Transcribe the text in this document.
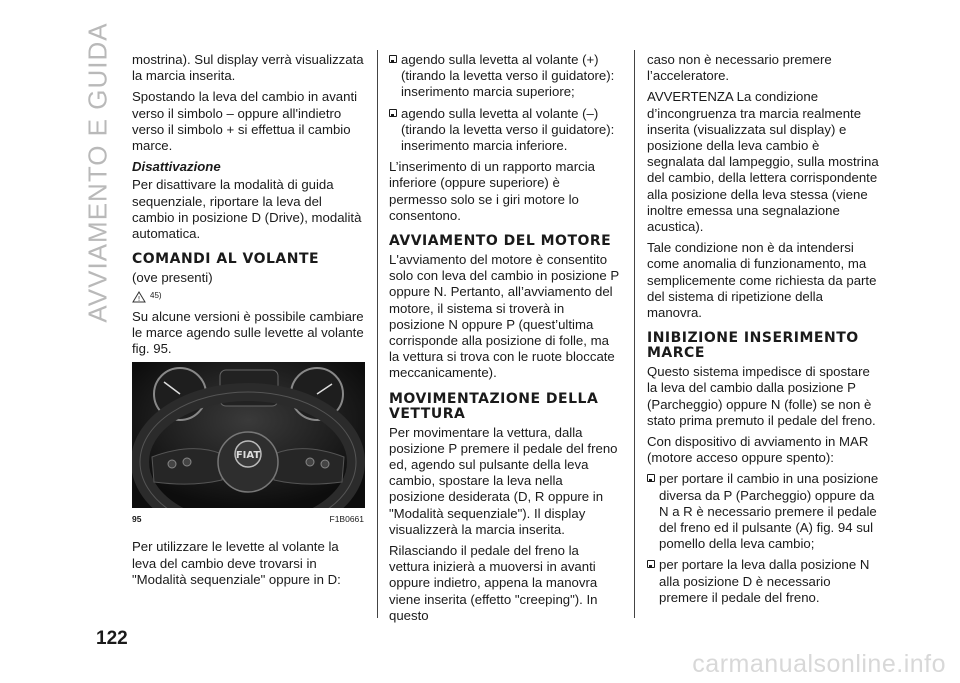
AVVIAMENTO E GUIDA mostrina). Sul display verrà visualizzata la marcia inserita.

Spostando la leva del cambio in avanti verso il simbolo – oppure all'indietro verso il simbolo + si effettua il cambio marce.

Disattivazione

Per disattivare la modalità di guida sequenziale, riportare la leva del cambio in posizione D (Drive), modalità automatica.

COMANDI AL VOLANTE

(ove presenti)

! 45)

Su alcune versioni è possibile cambiare le marce agendo sulle levette al volante fig. 95.

FIAT
95	F1B0661

Per utilizzare le levette al volante la leva del cambio deve trovarsi in "Modalità sequenziale" oppure in D:

agendo sulla levetta al volante (+) (tirando la levetta verso il guidatore): inserimento marcia superiore;

agendo sulla levetta al volante (–) (tirando la levetta verso il guidatore): inserimento marcia inferiore.

L’inserimento di un rapporto marcia inferiore (oppure superiore) è permesso solo se i giri motore lo consentono.

AVVIAMENTO DEL MOTORE

L'avviamento del motore è consentito solo con leva del cambio in posizione P oppure N. Pertanto, all’avviamento del motore, il sistema si troverà in posizione N oppure P (quest’ultima corrisponde alla posizione di folle, ma la vettura si trova con le ruote bloccate meccanicamente).

MOVIMENTAZIONE DELLA VETTURA

Per movimentare la vettura, dalla posizione P premere il pedale del freno ed, agendo sul pulsante della leva cambio, spostare la leva nella posizione desiderata (D, R oppure in "Modalità sequenziale"). Il display visualizzerà la marcia inserita.

Rilasciando il pedale del freno la vettura inizierà a muoversi in avanti oppure indietro, appena la manovra viene inserita (effetto "creeping"). In questo

caso non è necessario premere l’acceleratore.

AVVERTENZA La condizione d’incongruenza tra marcia realmente inserita (visualizzata sul display) e posizione della leva cambio è segnalata dal lampeggio, sulla mostrina del cambio, della lettera corrispondente alla posizione della leva stessa (viene inoltre emessa una segnalazione acustica).

Tale condizione non è da intendersi come anomalia di funzionamento, ma semplicemente come richiesta da parte del sistema di ripetizione della manovra.

INIBIZIONE INSERIMENTO MARCE

Questo sistema impedisce di spostare la leva del cambio dalla posizione P (Parcheggio) oppure N (folle) se non è stato prima premuto il pedale del freno.

Con dispositivo di avviamento in MAR (motore acceso oppure spento):

per portare il cambio in una posizione diversa da P (Parcheggio) oppure da N a R è necessario premere il pedale del freno ed il pulsante (A) fig. 94 sul pomello della leva cambio;

per portare la leva dalla posizione N alla posizione D è necessario premere il pedale del freno.

122
carmanualsonline.info
